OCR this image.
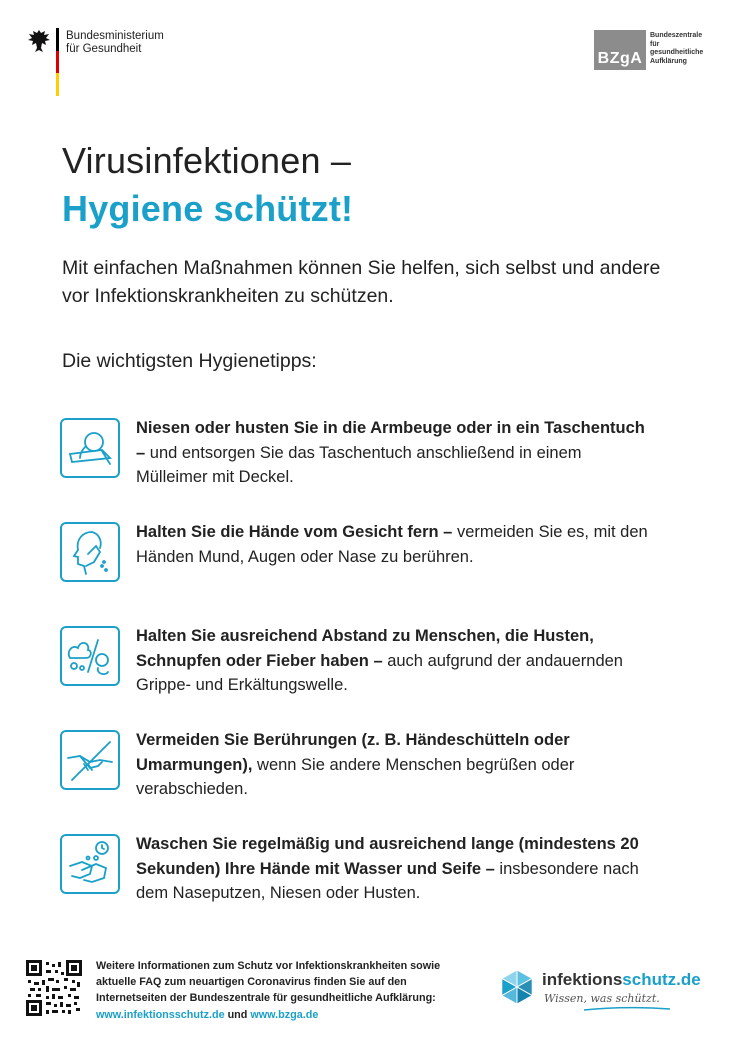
Bundesministerium
für Gesundheit
BZgA
Bundeszentrale
für
gesundheitliche
Aufklärung
Virusinfektionen –
Hygiene schützt!
Mit einfachen Maßnahmen können Sie helfen, sich selbst und andere vor Infektionskrankheiten zu schützen.
Die wichtigsten Hygienetipps:
Niesen oder husten Sie in die Armbeuge oder in ein Taschentuch – und entsorgen Sie das Taschentuch anschließend in einem Mülleimer mit Deckel.
Halten Sie die Hände vom Gesicht fern – vermeiden Sie es, mit den Händen Mund, Augen oder Nase zu berühren.
Halten Sie ausreichend Abstand zu Menschen, die Husten, Schnupfen oder Fieber haben – auch aufgrund der andauernden Grippe- und Erkältungswelle.
Vermeiden Sie Berührungen (z. B. Händeschütteln oder Umarmungen), wenn Sie andere Menschen begrüßen oder verabschieden.
Waschen Sie regelmäßig und ausreichend lange (mindestens 20 Sekunden) Ihre Hände mit Wasser und Seife – insbesondere nach dem Naseputzen, Niesen oder Husten.
Weitere Informationen zum Schutz vor Infektionskrankheiten sowie aktuelle FAQ zum neuartigen Coronavirus finden Sie auf den Internetseiten der Bundeszentrale für gesundheitliche Aufklärung:
www.infektionsschutz.de und www.bzga.de
infektionsschutz.de
Wissen, was schützt.
